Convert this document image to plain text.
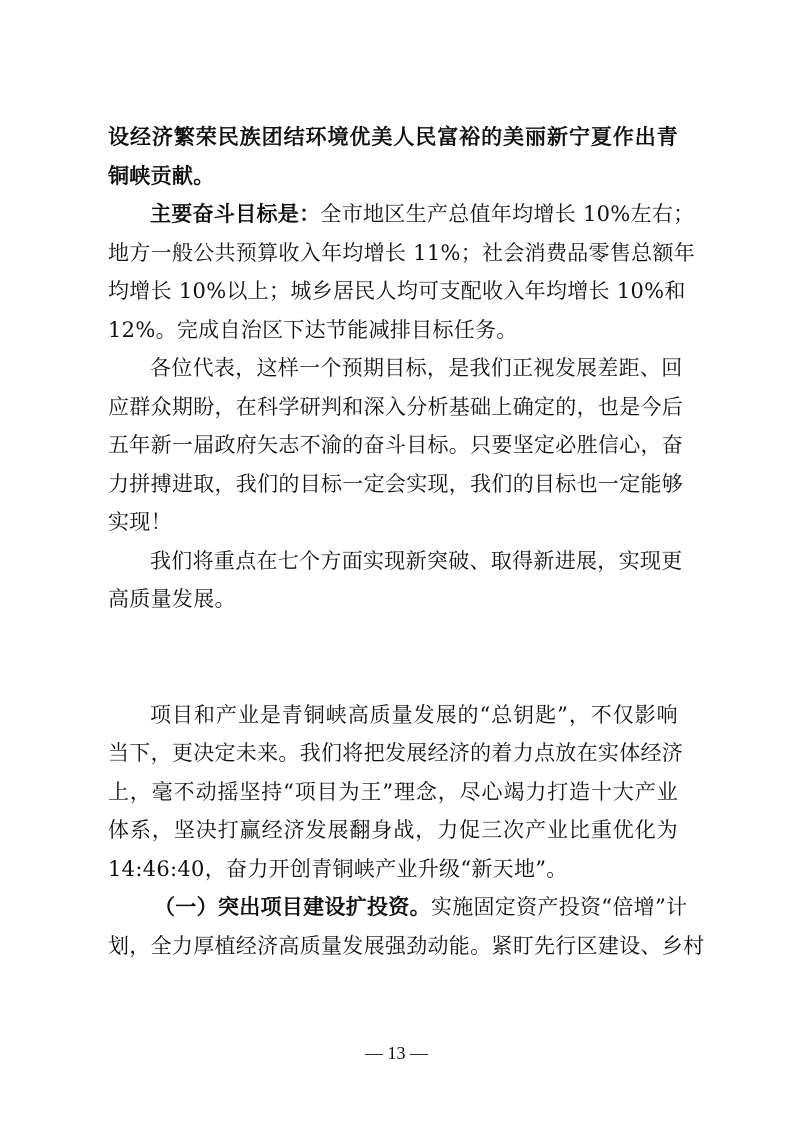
设经济繁荣民族团结环境优美人民富裕的美丽新宁夏作出青
铜峡贡献。
主要奋斗目标是：全市地区生产总值年均增长 10%左右；
地方一般公共预算收入年均增长 11%；社会消费品零售总额年
均增长 10%以上；城乡居民人均可支配收入年均增长 10%和
12%。完成自治区下达节能减排目标任务。
各位代表，这样一个预期目标，是我们正视发展差距、回
应群众期盼，在科学研判和深入分析基础上确定的，也是今后
五年新一届政府矢志不渝的奋斗目标。只要坚定必胜信心，奋
力拼搏进取，我们的目标一定会实现，我们的目标也一定能够
实现！
我们将重点在七个方面实现新突破、取得新进展，实现更
高质量发展。
项目和产业是青铜峡高质量发展的“总钥匙”，不仅影响
当下，更决定未来。我们将把发展经济的着力点放在实体经济
上，毫不动摇坚持“项目为王”理念，尽心竭力打造十大产业
体系，坚决打赢经济发展翻身战，力促三次产业比重优化为
14:46:40，奋力开创青铜峡产业升级“新天地”。
（一）突出项目建设扩投资。实施固定资产投资“倍增”计
划，全力厚植经济高质量发展强劲动能。紧盯先行区建设、乡村
— 13 —
